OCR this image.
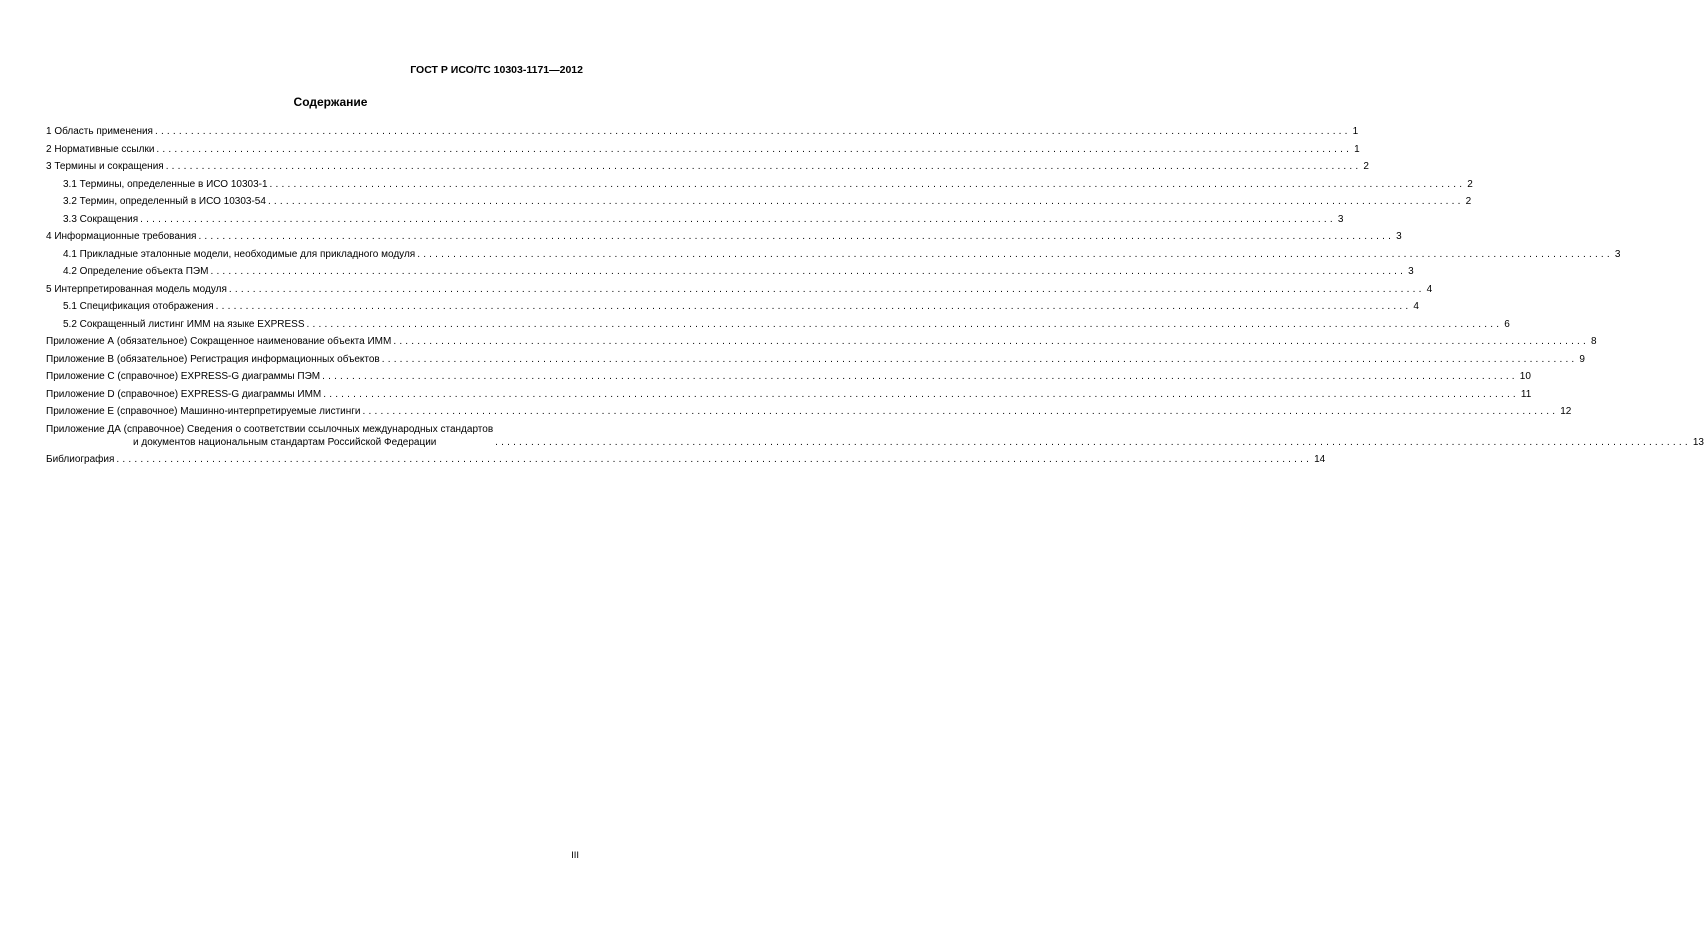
ГОСТ Р ИСО/ТС 10303-1171—2012
Содержание
1 Область применения ........................................................................................................................................................................................................ 1
2 Нормативные ссылки ........................................................................................................................................................................................................ 1
3 Термины и сокращения ........................................................................................................................................................................................................ 2
3.1 Термины, определенные в ИСО 10303-1 ........................................................................................................................................................................................................ 2
3.2 Термин, определенный в ИСО 10303-54 ........................................................................................................................................................................................................ 2
3.3 Сокращения ........................................................................................................................................................................................................ 3
4 Информационные требования ........................................................................................................................................................................................................ 3
4.1 Прикладные эталонные модели, необходимые для прикладного модуля ........................................................................................................................................................................................................ 3
4.2 Определение объекта ПЭМ ........................................................................................................................................................................................................ 3
5 Интерпретированная модель модуля ........................................................................................................................................................................................................ 4
5.1 Спецификация отображения ........................................................................................................................................................................................................ 4
5.2 Сокращенный листинг ИММ на языке EXPRESS ........................................................................................................................................................................................................ 6
Приложение А (обязательное) Сокращенное наименование объекта ИММ ........................................................................................................................................................................................................ 8
Приложение В (обязательное) Регистрация информационных объектов ........................................................................................................................................................................................................ 9
Приложение С (справочное) EXPRESS-G диаграммы ПЭМ ........................................................................................................................................................................................................ 10
Приложение D (справочное) EXPRESS-G диаграммы ИММ ........................................................................................................................................................................................................ 11
Приложение Е (справочное) Машинно-интерпретируемые листинги ........................................................................................................................................................................................................ 12
Приложение ДА (справочное) Сведения о соответствии ссылочных международных стандартов
и документов национальным стандартам Российской Федерации	........................................................................................................................................................................................................ 13
Библиография ........................................................................................................................................................................................................ 14
III
